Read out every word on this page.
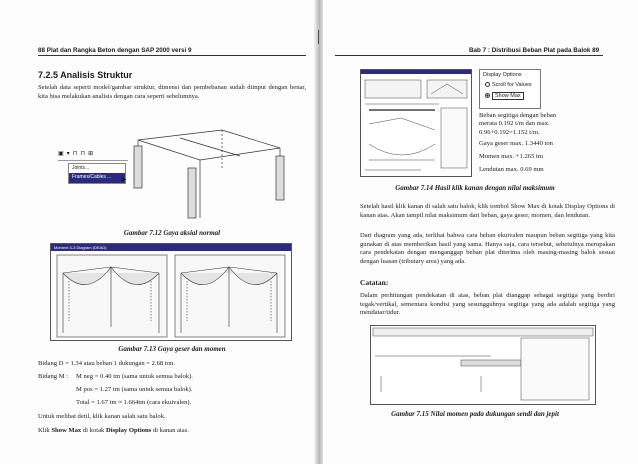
88 Plat dan Rangka Beton dengan SAP 2000 versi 9
7.2.5 Analisis Struktur
Setelah data seperti model/gambar struktur, dimensi dan pembebanan sudah diinput dengan benar, kita bisa melakukan analisis dengan cara seperti sebelumnya.
▣ ▾ ⊓ ⊓ ⊞
Joints...
Frames/Cables ...	➤
Gambar 7.12 Gaya aksial normal
Moment 3-3 Diagram (DEAD)
Gambar 7.13 Gaya geser dan momen
Bidang D = 1.34 atau beban 1 dukungan = 2.68 ton.
Bidang M : M neg = 0.40 tm (sama untuk semua balok).
M pos = 1.27 tm (sama untuk semua balok).
Total = 1.67 tm ≈ 1.664tm (cara ekuivalen).
Untuk melihat detil, klik kanan salah satu balok.
Klik Show Max di kotak Display Options di kanan atas.
Bab 7 : Distribusi Beban Plat pada Balok 89
Display Options
Scroll for Values
Show Max
Beban segitiga dengan beban merata 0.192 t/m dan max. 0.96+0.192=1.152 t/m.
Gaya geser max. 1.3440 ton
Momen max. +1.265 tm
Lendutan max. 0.69 mm
Gambar 7.14 Hasil klik kanan dengan nilai maksimum
Setelah hasil klik kanan di salah satu balok, klik tombol Show Max di kotak Display Options di kanan atas. Akan tampil nilai maksimum dari beban, gaya geser, momen, dan lendutan.
Dari diagram yang ada, terlihat bahwa cara beban ekuivalen maupun beban segitiga yang kita gunakan di atas memberikan hasil yang sama. Hanya saja, cara tersebut, sebetulnya merupakan cara pendekatan dengan menganggap beban plat diterima oleh masing-masing balok sesuai dengan luasan (tributary area) yang ada.
Catatan:
Dalam perhitungan pendekatan di atas, beban plat dianggap sebagai segitiga yang berdiri tegak/vertikal, sementara kondisi yang sesungguhnya segitiga yang ada adalah segitiga yang mendatar/tidur.
Gambar 7.15 Nilai momen pada dukungan sendi dan jepit
